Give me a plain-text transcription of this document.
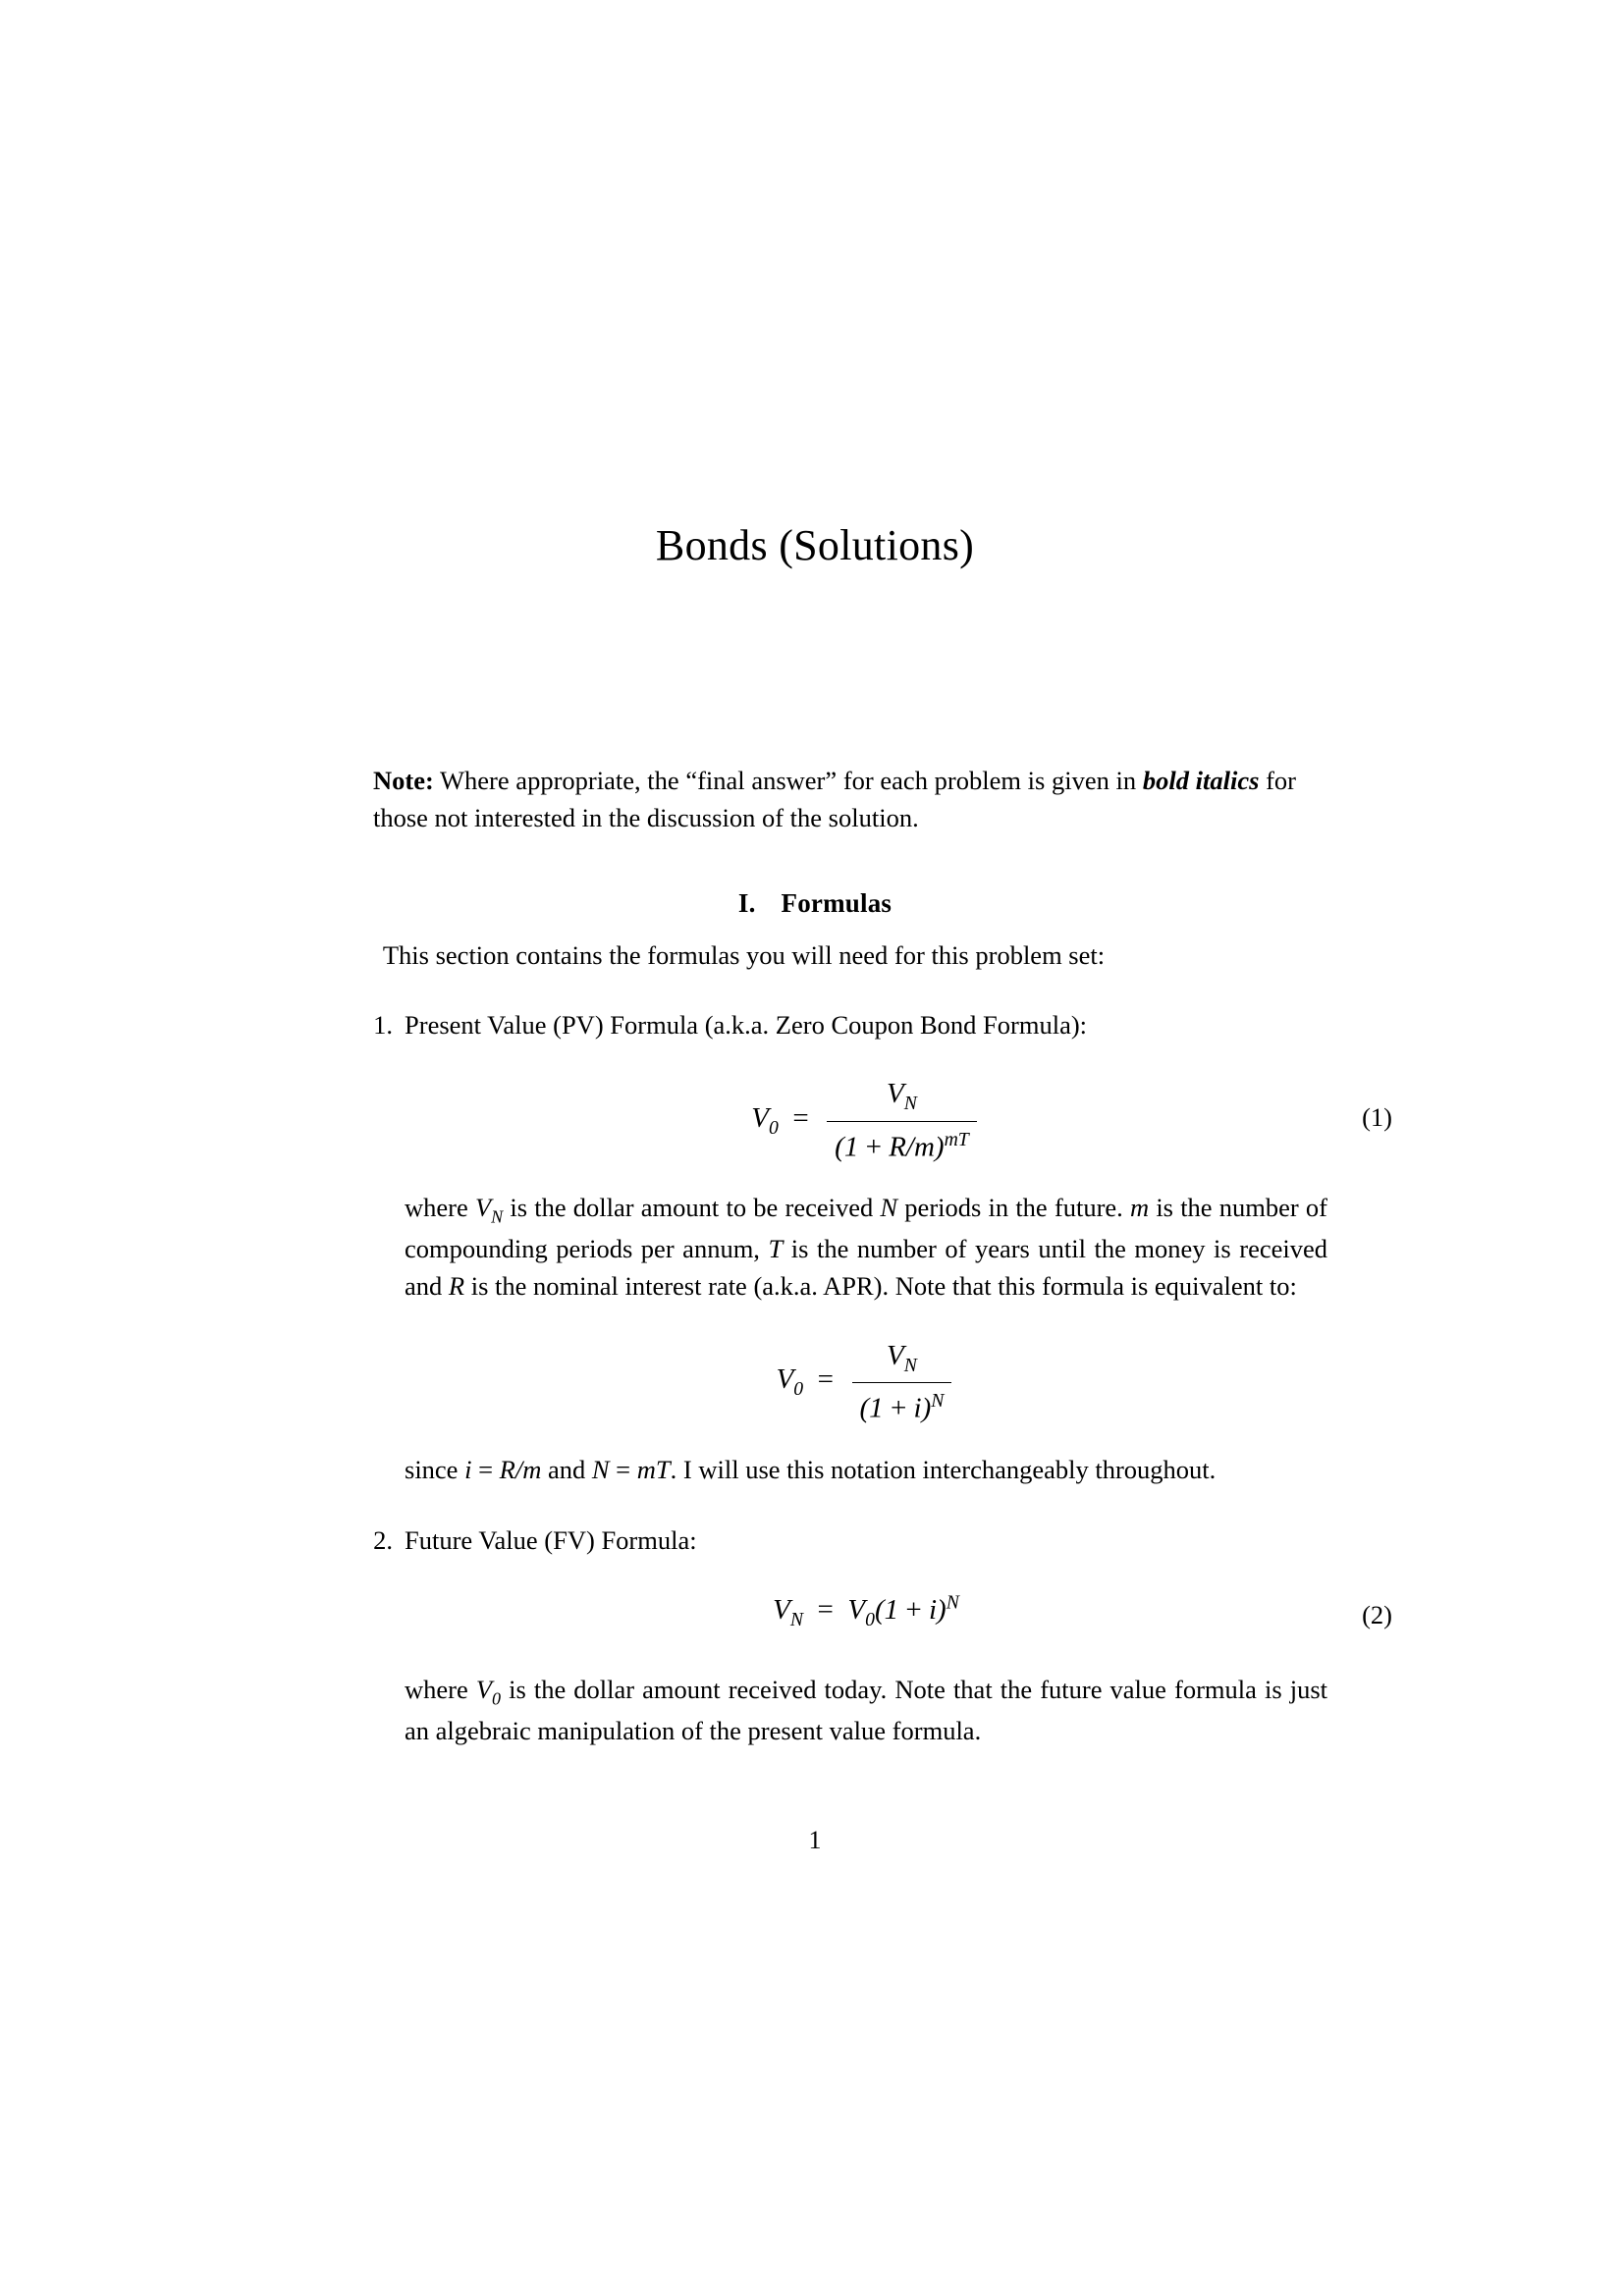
Bonds (Solutions)
Note: Where appropriate, the “final answer” for each problem is given in bold italics for those not interested in the discussion of the solution.
I. Formulas
This section contains the formulas you will need for this problem set:
1. Present Value (PV) Formula (a.k.a. Zero Coupon Bond Formula):
$V_0 = \frac{V_N}{(1 + R/m)^{mT}}$	(1)
where $V_N$ is the dollar amount to be received N periods in the future. m is the number of compounding periods per annum, T is the number of years until the money is received and R is the nominal interest rate (a.k.a. APR). Note that this formula is equivalent to:
$V_0 = \frac{V_N}{(1 + i)^N}$
since i = R/m and N = mT. I will use this notation interchangeably throughout.
2. Future Value (FV) Formula:
$V_N = V_0(1 + i)^N$	(2)
where $V_0$ is the dollar amount received today. Note that the future value formula is just an algebraic manipulation of the present value formula.
1
